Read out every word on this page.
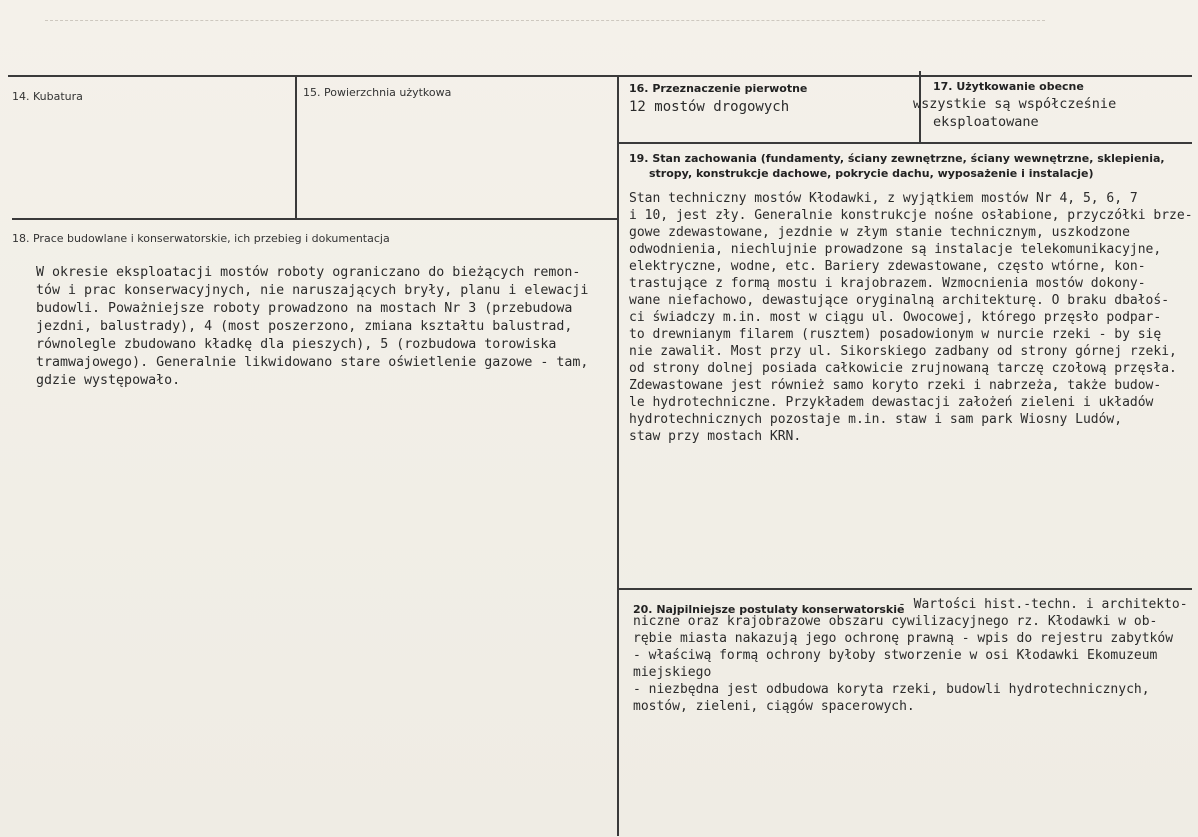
14. Kubatura	15. Powierzchnia użytkowa	16. Przeznaczenie pierwotne
12 mostów drogowych
17. Użytkowanie obecne
wszystkie są współcześnie
eksploatowane
18. Prace budowlane i konserwatorskie, ich przebieg i dokumentacja
W okresie eksploatacji mostów roboty ograniczano do bieżących remon-
tów i prac konserwacyjnych, nie naruszających bryły, planu i elewacji
budowli. Poważniejsze roboty prowadzono na mostach Nr 3 (przebudowa
jezdni, balustrady), 4 (most poszerzono, zmiana kształtu balustrad,
równolegle zbudowano kładkę dla pieszych), 5 (rozbudowa torowiska
tramwajowego). Generalnie likwidowano stare oświetlenie gazowe - tam,
gdzie występowało.
19. Stan zachowania (fundamenty, ściany zewnętrzne, ściany wewnętrzne, sklepienia,
stropy, konstrukcje dachowe, pokrycie dachu, wyposażenie i instalacje)
Stan techniczny mostów Kłodawki, z wyjątkiem mostów Nr 4, 5, 6, 7
i 10, jest zły. Generalnie konstrukcje nośne osłabione, przyczółki brze-
gowe zdewastowane, jezdnie w złym stanie technicznym, uszkodzone
odwodnienia, niechlujnie prowadzone są instalacje telekomunikacyjne,
elektryczne, wodne, etc. Bariery zdewastowane, często wtórne, kon-
trastujące z formą mostu i krajobrazem. Wzmocnienia mostów dokony-
wane niefachowo, dewastujące oryginalną architekturę. O braku dbałoś-
ci świadczy m.in. most w ciągu ul. Owocowej, którego przęsło podpar-
to drewnianym filarem (rusztem) posadowionym w nurcie rzeki - by się
nie zawalił. Most przy ul. Sikorskiego zadbany od strony górnej rzeki,
od strony dolnej posiada całkowicie zrujnowaną tarczę czołową przęsła.
Zdewastowane jest również samo koryto rzeki i nabrzeża, także budow-
le hydrotechniczne. Przykładem dewastacji założeń zieleni i układów
hydrotechnicznych pozostaje m.in. staw i sam park Wiosny Ludów,
staw przy mostach KRN.
20. Najpilniejsze postulaty konserwatorskie
- Wartości hist.-techn. i architekto-
niczne oraz krajobrazowe obszaru cywilizacyjnego rz. Kłodawki w ob-
rębie miasta nakazują jego ochronę prawną - wpis do rejestru zabytków
- właściwą formą ochrony byłoby stworzenie w osi Kłodawki Ekomuzeum
miejskiego
- niezbędna jest odbudowa koryta rzeki, budowli hydrotechnicznych,
mostów, zieleni, ciągów spacerowych.
